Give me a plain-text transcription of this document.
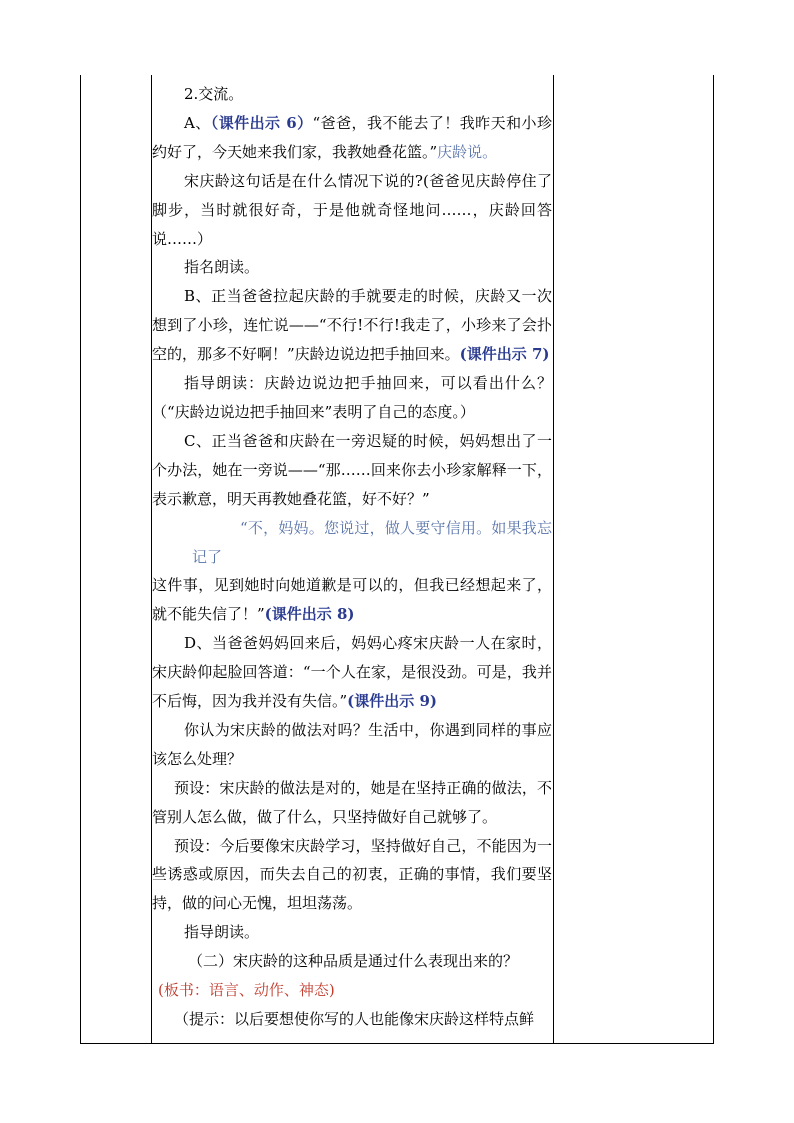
2.交流。

A、（课件出示 6）“爸爸，我不能去了！我昨天和小珍约好了，今天她来我们家，我教她叠花篮。”庆龄说。

宋庆龄这句话是在什么情况下说的?(爸爸见庆龄停住了脚步，当时就很好奇，于是他就奇怪地问……，庆龄回答说……）

指名朗读。

B、正当爸爸拉起庆龄的手就要走的时候，庆龄又一次想到了小珍，连忙说——“不行!不行!我走了，小珍来了会扑空的，那多不好啊！”庆龄边说边把手抽回来。(课件出示 7)

指导朗读：庆龄边说边把手抽回来，可以看出什么？（“庆龄边说边把手抽回来”表明了自己的态度。）

C、正当爸爸和庆龄在一旁迟疑的时候，妈妈想出了一个办法，她在一旁说——“那……回来你去小珍家解释一下，表示歉意，明天再教她叠花篮，好不好？”

“不，妈妈。您说过，做人要守信用。如果我忘记了这件事，见到她时向她道歉是可以的，但我已经想起来了，就不能失信了！”(课件出示 8)

D、当爸爸妈妈回来后，妈妈心疼宋庆龄一人在家时，宋庆龄仰起脸回答道：“一个人在家，是很没劲。可是，我并不后悔，因为我并没有失信。”(课件出示 9)

你认为宋庆龄的做法对吗？生活中，你遇到同样的事应该怎么处理？

预设：宋庆龄的做法是对的，她是在坚持正确的做法，不管别人怎么做，做了什么，只坚持做好自己就够了。

预设：今后要像宋庆龄学习，坚持做好自己，不能因为一些诱惑或原因，而失去自己的初衷，正确的事情，我们要坚持，做的问心无愧，坦坦荡荡。

指导朗读。

（二）宋庆龄的这种品质是通过什么表现出来的？

(板书：语言、动作、神态)

（提示：以后要想使你写的人也能像宋庆龄这样特点鲜
